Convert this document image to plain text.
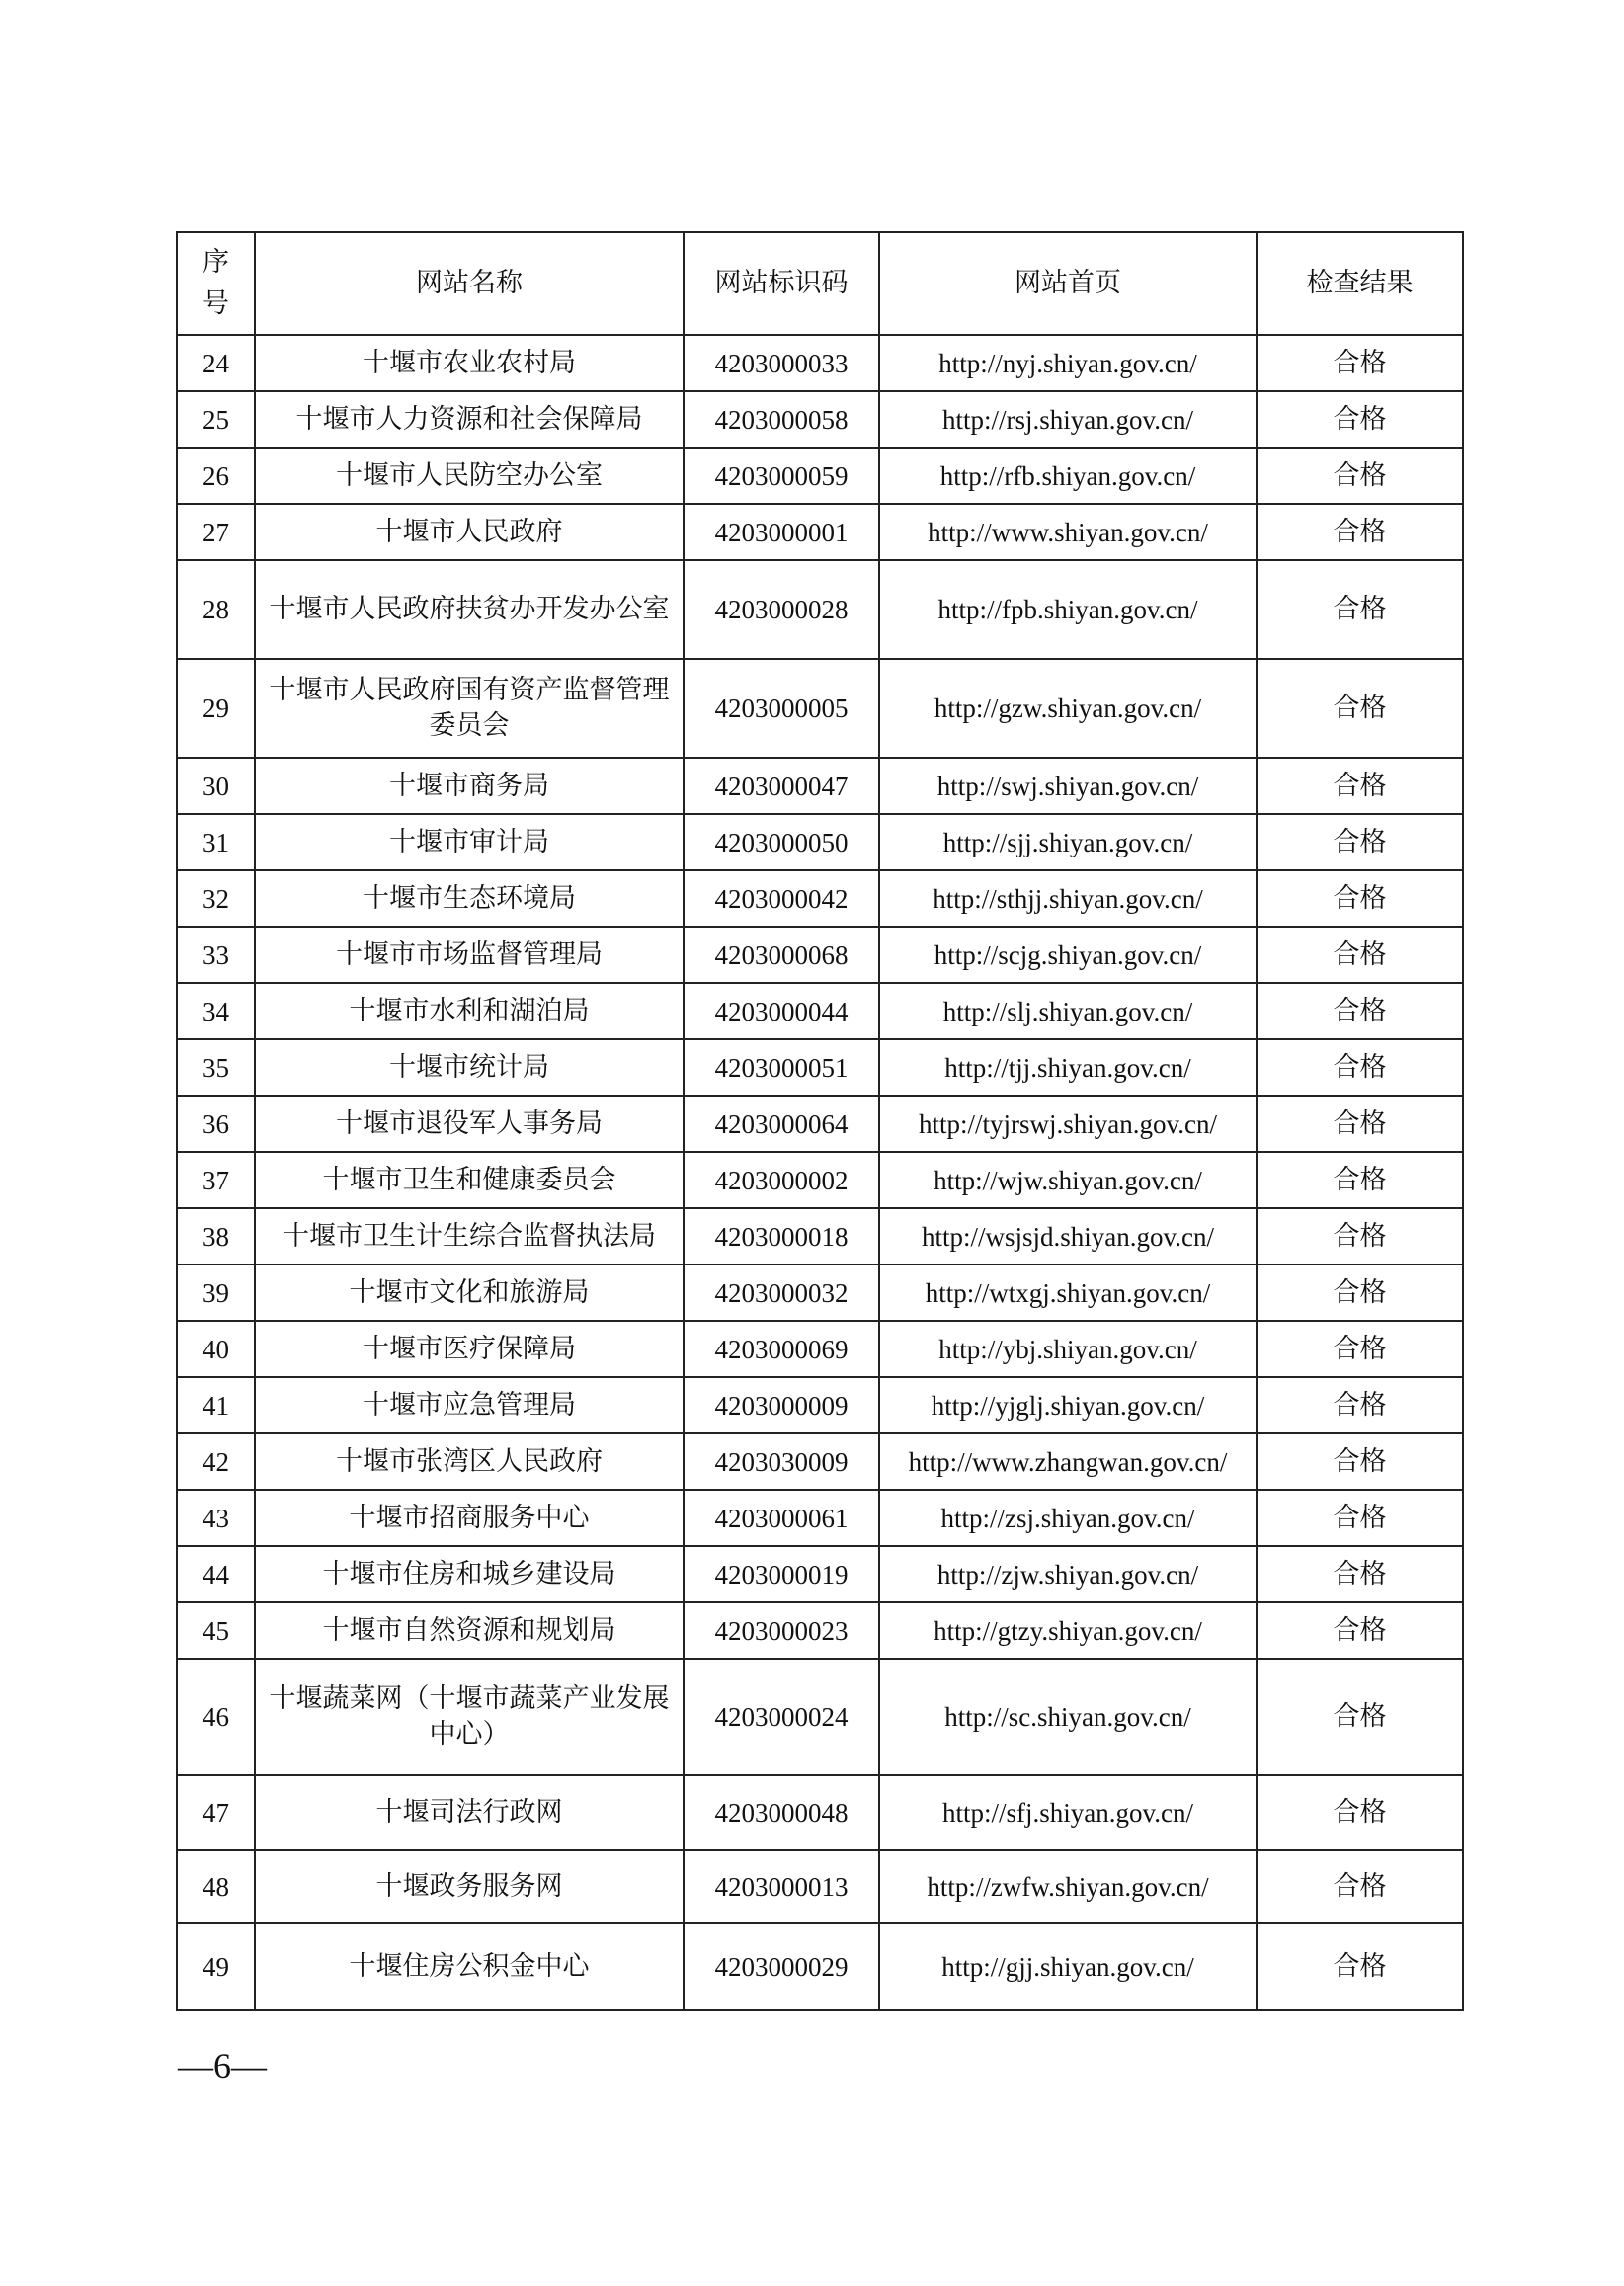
序
号	网站名称	网站标识码	网站首页	检查结果
24	十堰市农业农村局	4203000033	http://nyj.shiyan.gov.cn/	合格
25	十堰市人力资源和社会保障局	4203000058	http://rsj.shiyan.gov.cn/	合格
26	十堰市人民防空办公室	4203000059	http://rfb.shiyan.gov.cn/	合格
27	十堰市人民政府	4203000001	http://www.shiyan.gov.cn/	合格
28	十堰市人民政府扶贫办开发办公室	4203000028	http://fpb.shiyan.gov.cn/	合格
29	十堰市人民政府国有资产监督管理委员会	4203000005	http://gzw.shiyan.gov.cn/	合格
30	十堰市商务局	4203000047	http://swj.shiyan.gov.cn/	合格
31	十堰市审计局	4203000050	http://sjj.shiyan.gov.cn/	合格
32	十堰市生态环境局	4203000042	http://sthjj.shiyan.gov.cn/	合格
33	十堰市市场监督管理局	4203000068	http://scjg.shiyan.gov.cn/	合格
34	十堰市水利和湖泊局	4203000044	http://slj.shiyan.gov.cn/	合格
35	十堰市统计局	4203000051	http://tjj.shiyan.gov.cn/	合格
36	十堰市退役军人事务局	4203000064	http://tyjrswj.shiyan.gov.cn/	合格
37	十堰市卫生和健康委员会	4203000002	http://wjw.shiyan.gov.cn/	合格
38	十堰市卫生计生综合监督执法局	4203000018	http://wsjsjd.shiyan.gov.cn/	合格
39	十堰市文化和旅游局	4203000032	http://wtxgj.shiyan.gov.cn/	合格
40	十堰市医疗保障局	4203000069	http://ybj.shiyan.gov.cn/	合格
41	十堰市应急管理局	4203000009	http://yjglj.shiyan.gov.cn/	合格
42	十堰市张湾区人民政府	4203030009	http://www.zhangwan.gov.cn/	合格
43	十堰市招商服务中心	4203000061	http://zsj.shiyan.gov.cn/	合格
44	十堰市住房和城乡建设局	4203000019	http://zjw.shiyan.gov.cn/	合格
45	十堰市自然资源和规划局	4203000023	http://gtzy.shiyan.gov.cn/	合格
46	十堰蔬菜网（十堰市蔬菜产业发展中心）	4203000024	http://sc.shiyan.gov.cn/	合格
47	十堰司法行政网	4203000048	http://sfj.shiyan.gov.cn/	合格
48	十堰政务服务网	4203000013	http://zwfw.shiyan.gov.cn/	合格
49	十堰住房公积金中心	4203000029	http://gjj.shiyan.gov.cn/	合格
—6—
